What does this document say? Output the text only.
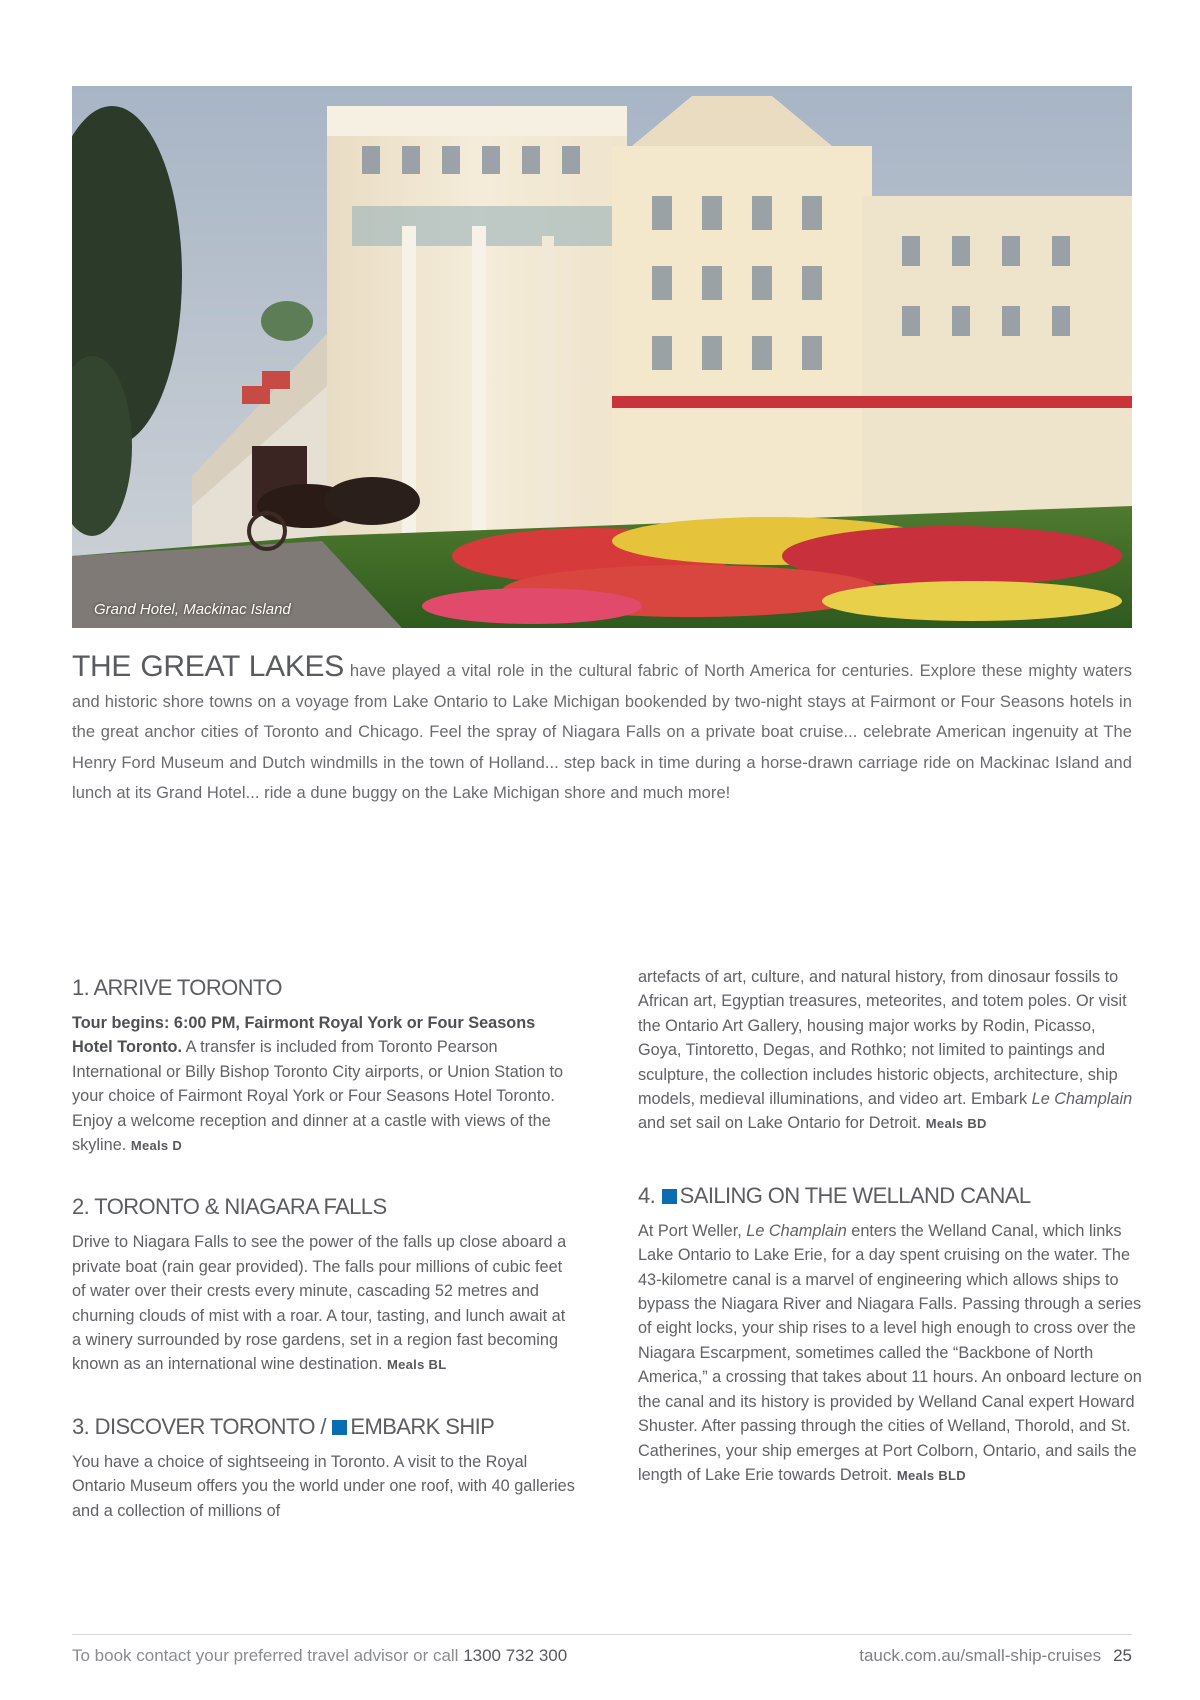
Grand Hotel, Mackinac Island

THE GREAT LAKES have played a vital role in the cultural fabric of North America for centuries. Explore these mighty waters and historic shore towns on a voyage from Lake Ontario to Lake Michigan bookended by two-night stays at Fairmont or Four Seasons hotels in the great anchor cities of Toronto and Chicago. Feel the spray of Niagara Falls on a private boat cruise... celebrate American ingenuity at The Henry Ford Museum and Dutch windmills in the town of Holland... step back in time during a horse-drawn carriage ride on Mackinac Island and lunch at its Grand Hotel... ride a dune buggy on the Lake Michigan shore and much more!

1. ARRIVE TORONTO

Tour begins: 6:00 PM, Fairmont Royal York or Four Seasons Hotel Toronto. A transfer is included from Toronto Pearson International or Billy Bishop Toronto City airports, or Union Station to your choice of Fairmont Royal York or Four Seasons Hotel Toronto. Enjoy a welcome reception and dinner at a castle with views of the skyline. Meals D

2. TORONTO & NIAGARA FALLS

Drive to Niagara Falls to see the power of the falls up close aboard a private boat (rain gear provided). The falls pour millions of cubic feet of water over their crests every minute, cascading 52 metres and churning clouds of mist with a roar. A tour, tasting, and lunch await at a winery surrounded by rose gardens, set in a region fast becoming known as an international wine destination. Meals BL

3. DISCOVER TORONTO / EMBARK SHIP

You have a choice of sightseeing in Toronto. A visit to the Royal Ontario Museum offers you the world under one roof, with 40 galleries and a collection of millions of

artefacts of art, culture, and natural history, from dinosaur fossils to African art, Egyptian treasures, meteorites, and totem poles. Or visit the Ontario Art Gallery, housing major works by Rodin, Picasso, Goya, Tintoretto, Degas, and Rothko; not limited to paintings and sculpture, the collection includes historic objects, architecture, ship models, medieval illuminations, and video art. Embark Le Champlain and set sail on Lake Ontario for Detroit. Meals BD

4. SAILING ON THE WELLAND CANAL

At Port Weller, Le Champlain enters the Welland Canal, which links Lake Ontario to Lake Erie, for a day spent cruising on the water. The 43-kilometre canal is a marvel of engineering which allows ships to bypass the Niagara River and Niagara Falls. Passing through a series of eight locks, your ship rises to a level high enough to cross over the Niagara Escarpment, sometimes called the “Backbone of North America,” a crossing that takes about 11 hours. An onboard lecture on the canal and its history is provided by Welland Canal expert Howard Shuster. After passing through the cities of Welland, Thorold, and St. Catherines, your ship emerges at Port Colborn, Ontario, and sails the length of Lake Erie towards Detroit. Meals BLD

To book contact your preferred travel advisor or call 1300 732 300	tauck.com.au/small-ship-cruises 25
